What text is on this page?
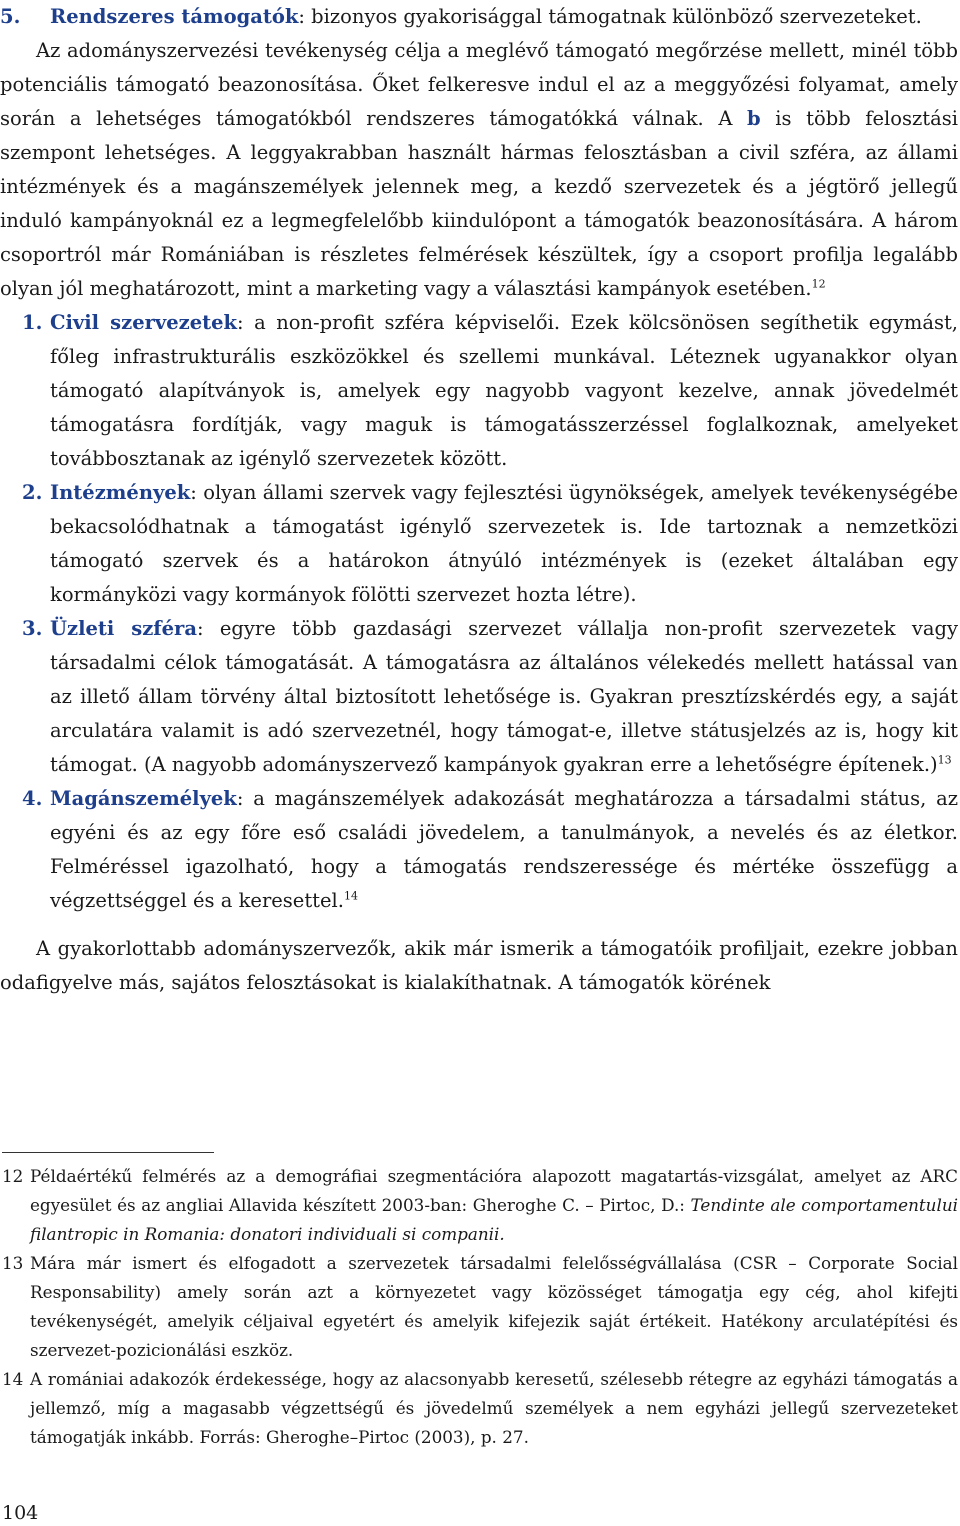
5. Rendszeres támogatók: bizonyos gyakorisággal támogatnak különböző szervezeteket.

Az adományszervezési tevékenység célja a meglévő támogató megőrzése mellett, minél több potenciális támogató beazonosítása. Őket felkeresve indul el az a meggyőzési folyamat, amely során a lehetséges támogatókból rendszeres támogatókká válnak. A b is több felosztási szempont lehetséges. A leggyakrabban használt hármas felosztásban a civil szféra, az állami intézmények és a magánszemélyek jelennek meg, a kezdő szervezetek és a jégtörő jellegű induló kampányoknál ez a legmegfelelőbb kiindulópont a támogatók beazonosítására. A három csoportról már Romániában is részletes felmérések készültek, így a csoport profilja legalább olyan jól meghatározott, mint a marketing vagy a választási kampányok esetében.$^{12}$

1. Civil szervezetek: a non-profit szféra képviselői. Ezek kölcsönösen segíthetik egymást, főleg infrastrukturális eszközökkel és szellemi munkával. Léteznek ugyanakkor olyan támogató alapítványok is, amelyek egy nagyobb vagyont kezelve, annak jövedelmét támogatásra fordítják, vagy maguk is támogatásszerzéssel foglalkoznak, amelyeket továbbosztanak az igénylő szervezetek között.
2. Intézmények: olyan állami szervek vagy fejlesztési ügynökségek, amelyek tevékenységébe bekacsolódhatnak a támogatást igénylő szervezetek is. Ide tartoznak a nemzetközi támogató szervek és a határokon átnyúló intézmények is (ezeket általában egy kormányközi vagy kormányok fölötti szervezet hozta létre).
3. Üzleti szféra: egyre több gazdasági szervezet vállalja non-profit szervezetek vagy társadalmi célok támogatását. A támogatásra az általános vélekedés mellett hatással van az illető állam törvény által biztosított lehetősége is. Gyakran presztízskérdés egy, a saját arculatára valamit is adó szervezetnél, hogy támogat-e, illetve státusjelzés az is, hogy kit támogat. (A nagyobb adományszervező kampányok gyakran erre a lehetőségre építenek.)$^{13}$
4. Magánszemélyek: a magánszemélyek adakozását meghatározza a társadalmi státus, az egyéni és az egy főre eső családi jövedelem, a tanulmányok, a nevelés és az életkor. Felméréssel igazolható, hogy a támogatás rendszeressége és mértéke összefügg a végzettséggel és a keresettel.$^{14}$

A gyakorlottabb adományszervezők, akik már ismerik a támogatóik profiljait, ezekre jobban odafigyelve más, sajátos felosztásokat is kialakíthatnak. A támogatók körének

12 Példaértékű felmérés az a demográfiai szegmentációra alapozott magatartás-vizsgálat, amelyet az ARC egyesület és az angliai Allavida készített 2003-ban: Gheroghe C. – Pirtoc, D.: Tendinte ale comportamentului filantropic in Romania: donatori individuali si companii.
13 Mára már ismert és elfogadott a szervezetek társadalmi felelősségvállalása (CSR – Corporate Social Responsability) amely során azt a környezetet vagy közösséget támogatja egy cég, ahol kifejti tevékenységét, amelyik céljaival egyetért és amelyik kifejezik saját értékeit. Hatékony arculatépítési és szervezet-pozicionálási eszköz.
14 A romániai adakozók érdekessége, hogy az alacsonyabb keresetű, szélesebb rétegre az egyházi támogatás a jellemző, míg a magasabb végzettségű és jövedelmű személyek a nem egyházi jellegű szervezeteket támogatják inkább. Forrás: Gheroghe–Pirtoc (2003), p. 27.
104
